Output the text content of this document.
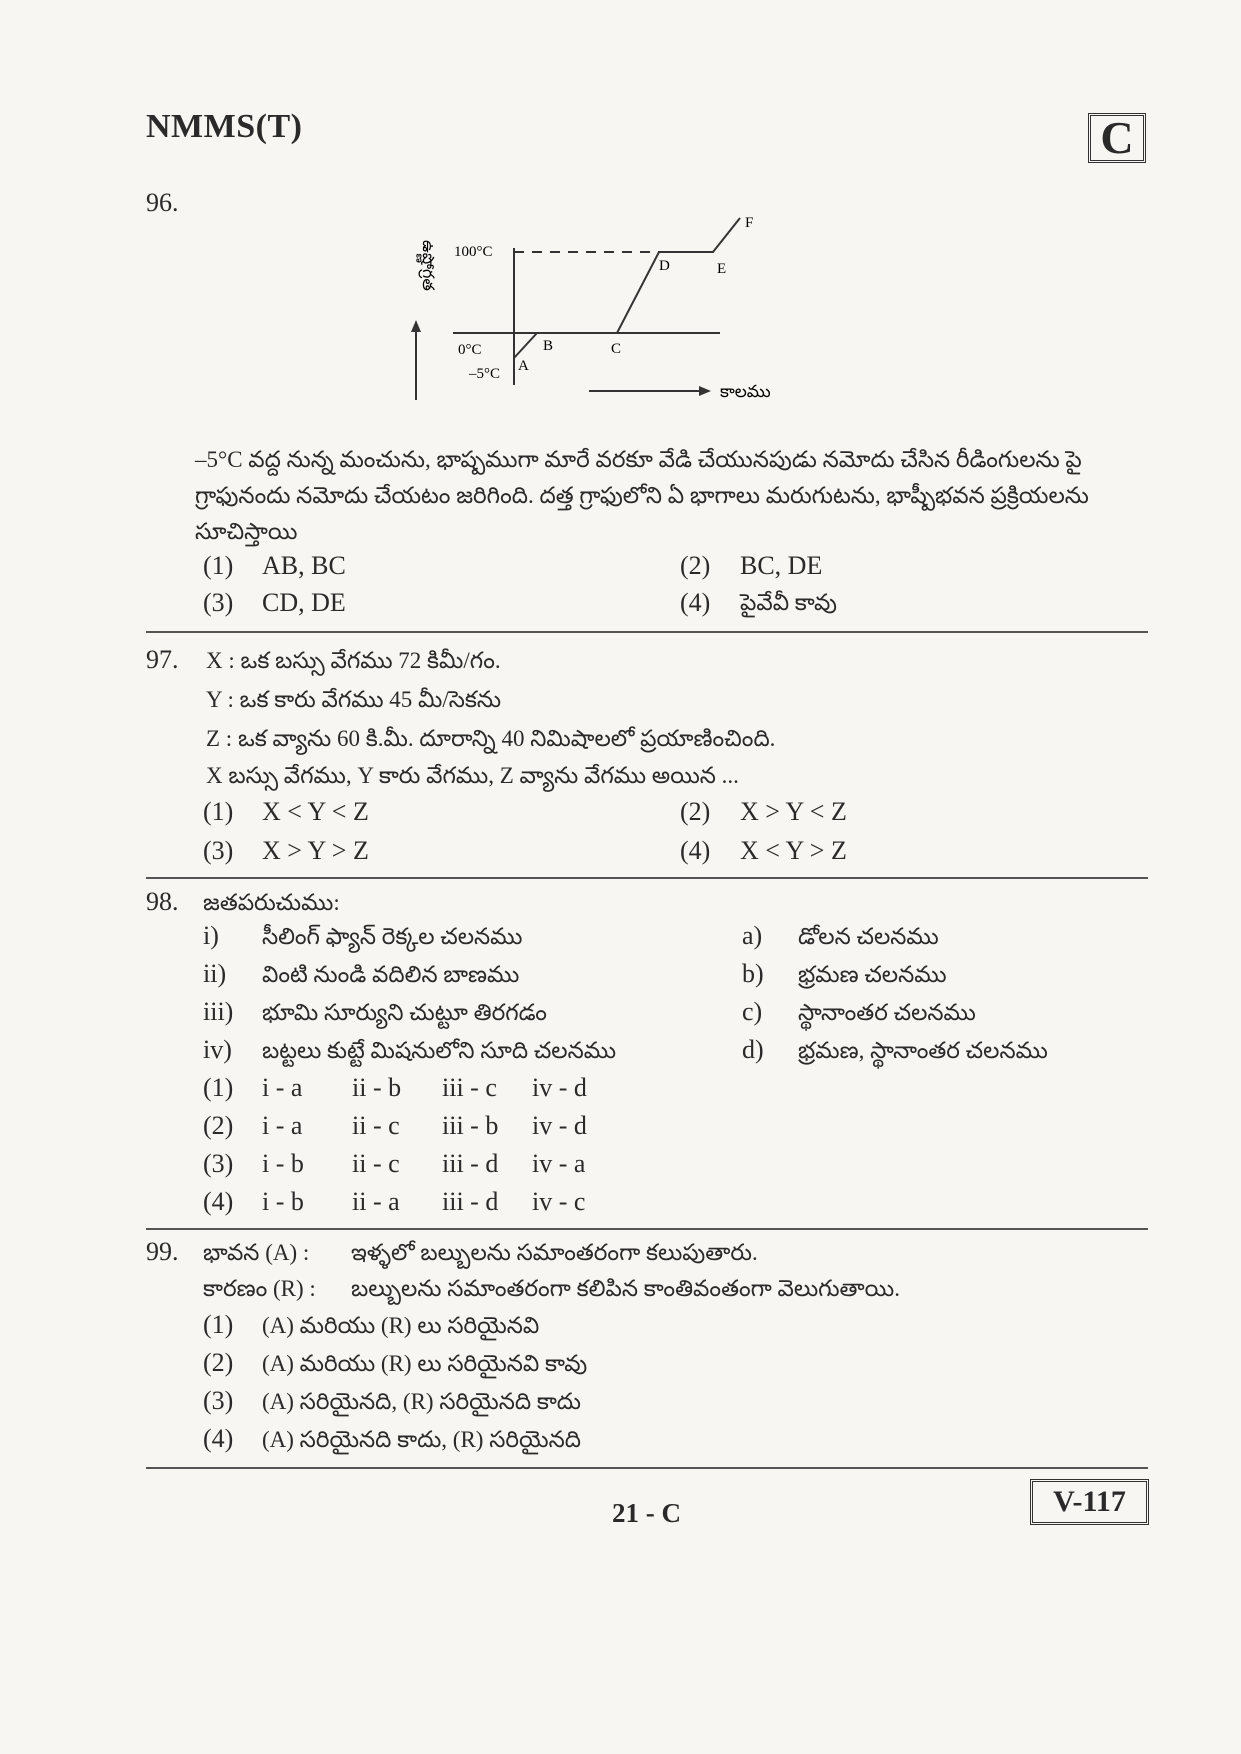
NMMS(T)	C
96.
ఉష్ణోగ్రత 100°C
0°C
–5°C A
B	C
D	E
F
కాలము
–5°C వద్ద నున్న మంచును, భాష్పముగా మారే వరకూ వేడి చేయునపుడు నమోదు చేసిన రీడింగులను పై
గ్రాఫునందు నమోదు చేయటం జరిగింది. దత్త గ్రాఫులోని ఏ భాగాలు మరుగుటను, భాష్పీభవన ప్రక్రియలను
సూచిస్తాయి
(1) AB, BC	(2) BC, DE
(3) CD, DE	(4) పైవేవీ కావు
97. X : ఒక బస్సు వేగము 72 కిమీ/గం.
Y : ఒక కారు వేగము 45 మీ/సెకను
Z : ఒక వ్యాను 60 కి.మీ. దూరాన్ని 40 నిమిషాలలో ప్రయాణించింది.
X బస్సు వేగము, Y కారు వేగము, Z వ్యాను వేగము అయిన ...
(1) X < Y < Z	(2) X > Y < Z
(3) X > Y > Z	(4) X < Y > Z
98. జతపరుచుము:
i) సీలింగ్ ఫ్యాన్ రెక్కల చలనము	a) డోలన చలనము
ii) వింటి నుండి వదిలిన బాణము	b) భ్రమణ చలనము
iii) భూమి సూర్యుని చుట్టూ తిరగడం	c) స్థానాంతర చలనము
iv) బట్టలు కుట్టే మిషనులోని సూది చలనము	d) భ్రమణ, స్థానాంతర చలనము
(1) i - a ii - b iii - c iv - d
(2) i - a ii - c iii - b iv - d
(3) i - b ii - c iii - d iv - a
(4) i - b ii - a iii - d iv - c
99. భావన (A) : ఇళ్ళలో బల్బులను సమాంతరంగా కలుపుతారు.
కారణం (R) : బల్బులను సమాంతరంగా కలిపిన కాంతివంతంగా వెలుగుతాయి.
(1) (A) మరియు (R) లు సరియైనవి
(2) (A) మరియు (R) లు సరియైనవి కావు
(3) (A) సరియైనది, (R) సరియైనది కాదు
(4) (A) సరియైనది కాదు, (R) సరియైనది
21 - C	V-117
